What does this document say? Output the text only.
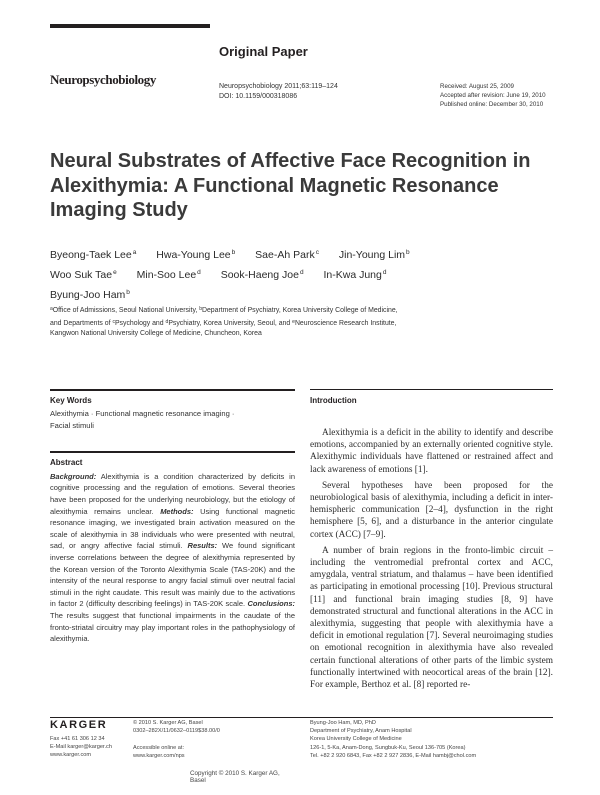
Original Paper
Neuropsychobiology	Neuropsychobiology 2011;63:119–124
DOI: 10.1159/000318086
Received: August 25, 2009
Accepted after revision: June 19, 2010
Published online: December 30, 2010
Neural Substrates of Affective Face Recognition in Alexithymia: A Functional Magnetic Resonance Imaging Study
Byeong-Taek Lee$^a$ Hwa-Young Lee$^b$ Sae-Ah Park$^c$ Jin-Young Lim$^b$
Woo Suk Tae$^e$ Min-Soo Lee$^d$ Sook-Haeng Joe$^d$ In-Kwa Jung$^d$
Byung-Joo Ham$^b$
$^a$Office of Admissions, Seoul National University, $^b$Department of Psychiatry, Korea University College of Medicine,
and Departments of $^c$Psychology and $^d$Psychiatry, Korea University, Seoul, and $^e$Neuroscience Research Institute,
Kangwon National University College of Medicine, Chuncheon, Korea
Key Words
Alexithymia · Functional magnetic resonance imaging ·
Facial stimuli
Abstract
Background: Alexithymia is a condition characterized by deficits in cognitive processing and the regulation of emotions. Several theories have been proposed for the underlying neurobiology, but the etiology of alexithymia remains unclear. Methods: Using functional magnetic resonance imaging, we investigated brain activation measured on the scale of alexithymia in 38 individuals who were presented with neutral, sad, or angry affective facial stimuli. Results: We found significant inverse correlations between the degree of alexithymia represented by the Korean version of the Toronto Alexithymia Scale (TAS-20K) and the intensity of the neural response to angry facial stimuli over neutral facial stimuli in the right caudate. This result was mainly due to the activations in factor 2 (difficulty describing feelings) in TAS-20K scale. Conclusions: The results suggest that functional impairments in the caudate of the fronto-striatal circuitry may play important roles in the pathophysiology of alexithymia.
Copyright © 2010 S. Karger AG, Basel
Introduction

Alexithymia is a deficit in the ability to identify and describe emotions, accompanied by an externally oriented cognitive style. Alexithymic individuals have flattened or restrained affect and lack awareness of emotions [1].

Several hypotheses have been proposed for the neurobiological basis of alexithymia, including a deficit in inter-hemispheric communication [2–4], dysfunction in the right hemisphere [5, 6], and a disturbance in the anterior cingulate cortex (ACC) [7–9].

A number of brain regions in the fronto-limbic circuit – including the ventromedial prefrontal cortex and ACC, amygdala, ventral striatum, and thalamus – have been identified as participating in emotional processing [10]. Previous structural [11] and functional brain imaging studies [8, 9] have demonstrated structural and functional alterations in the ACC in alexithymia, suggesting that people with alexithymia have a deficit in emotional regulation [7]. Several neuroimaging studies on emotional recognition in alexithymia have also revealed certain functional alterations of other parts of the limbic system functionally intertwined with neocortical areas of the brain [12]. For example, Berthoz et al. [8] reported re-

KARGER
Fax +41 61 306 12 34
E-Mail karger@karger.ch
www.karger.com
© 2010 S. Karger AG, Basel
0302–282X/11/0632–0119$38.00/0

Accessible online at:
www.karger.com/nps
Byung-Joo Ham, MD, PhD
Department of Psychiatry, Anam Hospital
Korea University College of Medicine
126-1, 5-Ka, Anam-Dong, Sungbuk-Ku, Seoul 136-705 (Korea)
Tel. +82 2 920 6843, Fax +82 2 927 2836, E-Mail hambj@chol.com
